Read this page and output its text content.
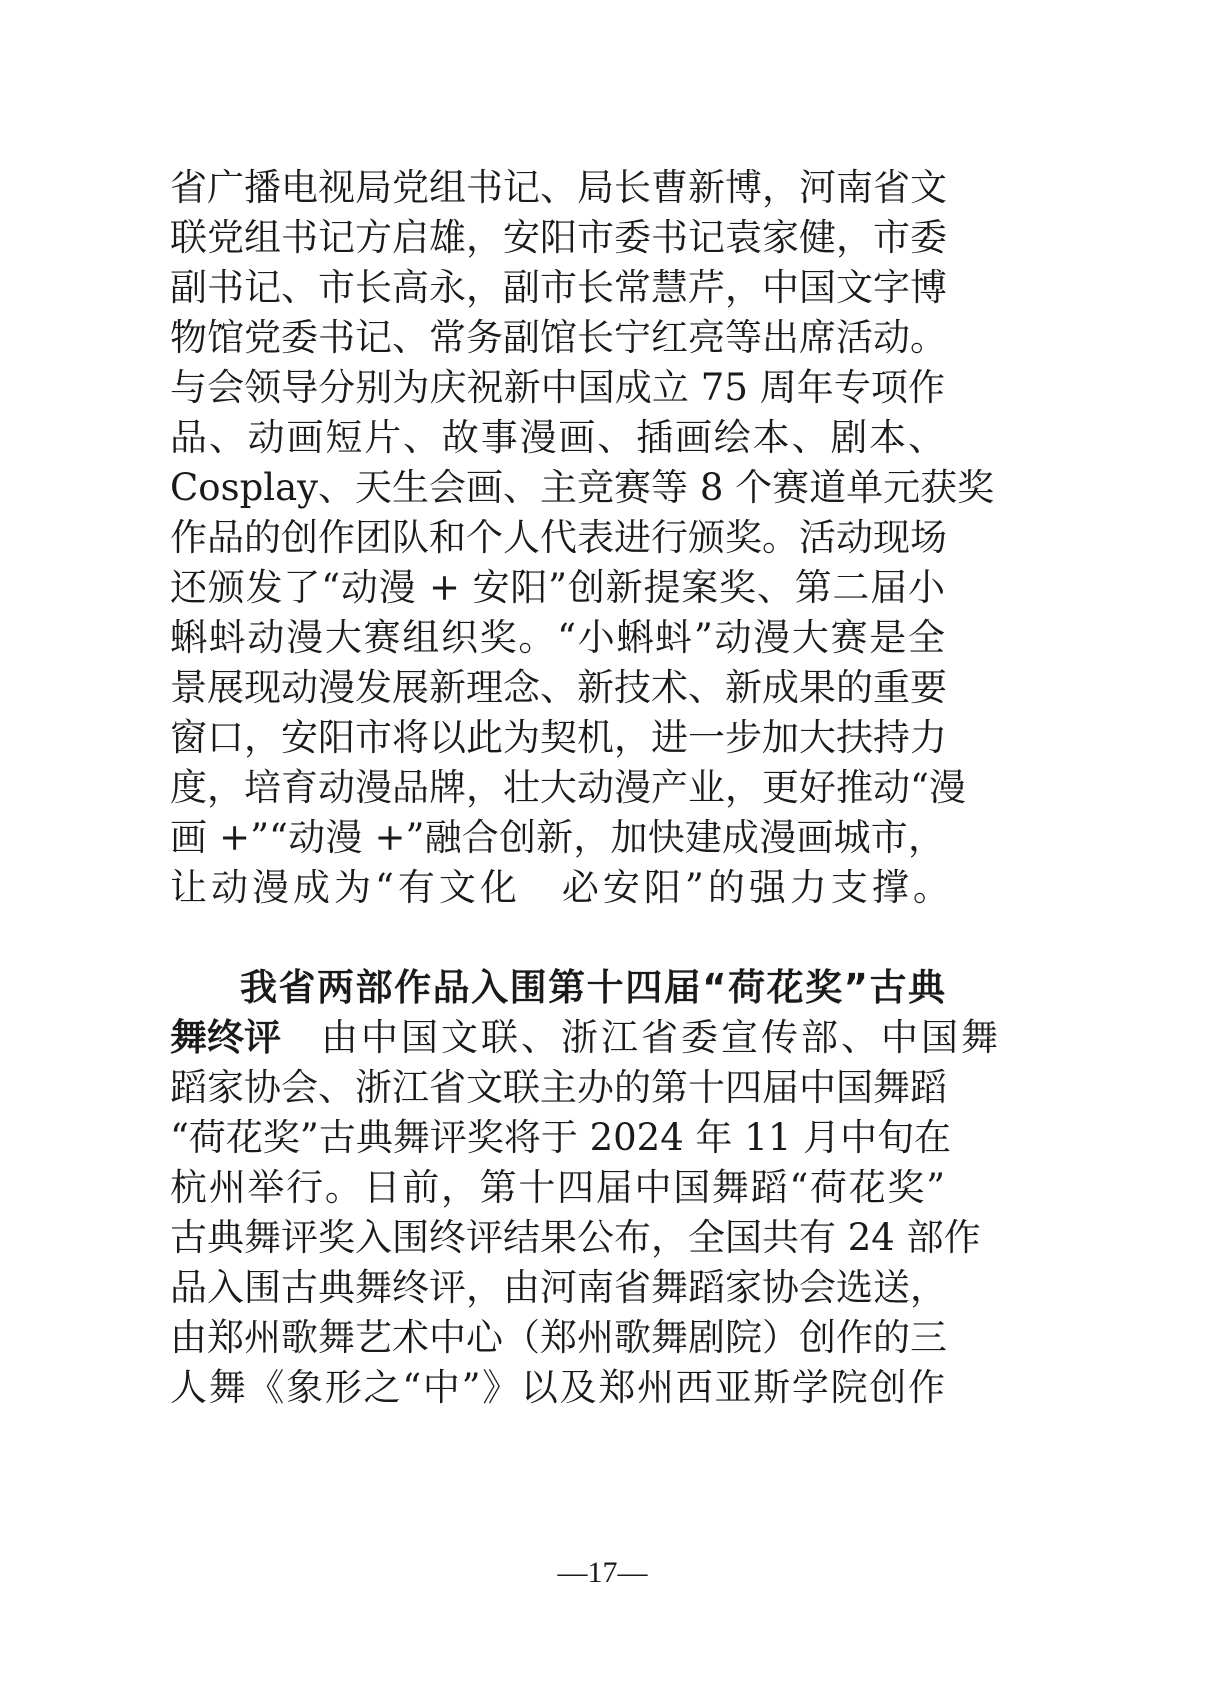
省广播电视局党组书记、局长曹新博，河南省文
联党组书记方启雄，安阳市委书记袁家健，市委
副书记、市长高永，副市长常慧芹，中国文字博
物馆党委书记、常务副馆长宁红亮等出席活动。
与会领导分别为庆祝新中国成立 75 周年专项作
品、动画短片、故事漫画、插画绘本、剧本、
Cosplay、天生会画、主竞赛等 8 个赛道单元获奖
作品的创作团队和个人代表进行颁奖。活动现场
还颁发了“动漫 + 安阳”创新提案奖、第二届小
蝌蚪动漫大赛组织奖。“小蝌蚪”动漫大赛是全
景展现动漫发展新理念、新技术、新成果的重要
窗口，安阳市将以此为契机，进一步加大扶持力
度，培育动漫品牌，壮大动漫产业，更好推动“漫
画 +”“动漫 +”融合创新，加快建成漫画城市，
让动漫成为“有文化　必安阳”的强力支撑。
我省两部作品入围第十四届“荷花奖”古典
舞终评　由中国文联、浙江省委宣传部、中国舞
蹈家协会、浙江省文联主办的第十四届中国舞蹈
“荷花奖”古典舞评奖将于 2024 年 11 月中旬在
杭州举行。日前，第十四届中国舞蹈“荷花奖”
古典舞评奖入围终评结果公布，全国共有 24 部作
品入围古典舞终评，由河南省舞蹈家协会选送，
由郑州歌舞艺术中心（郑州歌舞剧院）创作的三
人舞《象形之“中”》以及郑州西亚斯学院创作
—17—
